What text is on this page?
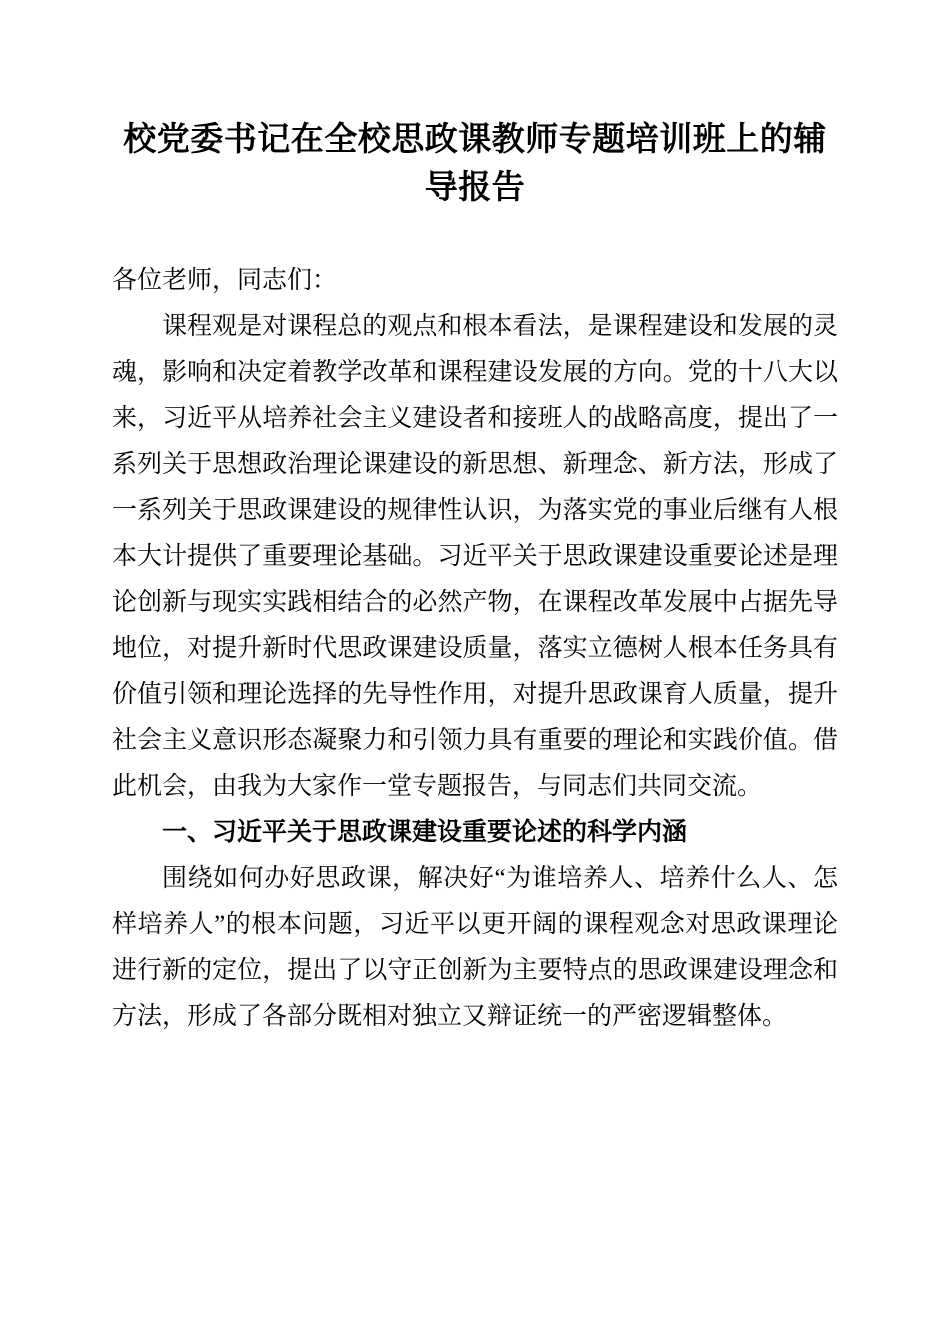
校党委书记在全校思政课教师专题培训班上的辅导报告

各位老师，同志们：

课程观是对课程总的观点和根本看法，是课程建设和发展的灵魂，影响和决定着教学改革和课程建设发展的方向。党的十八大以来，习近平从培养社会主义建设者和接班人的战略高度，提出了一系列关于思想政治理论课建设的新思想、新理念、新方法，形成了一系列关于思政课建设的规律性认识，为落实党的事业后继有人根本大计提供了重要理论基础。习近平关于思政课建设重要论述是理论创新与现实实践相结合的必然产物，在课程改革发展中占据先导地位，对提升新时代思政课建设质量，落实立德树人根本任务具有价值引领和理论选择的先导性作用，对提升思政课育人质量，提升社会主义意识形态凝聚力和引领力具有重要的理论和实践价值。借此机会，由我为大家作一堂专题报告，与同志们共同交流。

一、习近平关于思政课建设重要论述的科学内涵

围绕如何办好思政课，解决好“为谁培养人、培养什么人、怎样培养人”的根本问题，习近平以更开阔的课程观念对思政课理论进行新的定位，提出了以守正创新为主要特点的思政课建设理念和方法，形成了各部分既相对独立又辩证统一的严密逻辑整体。
